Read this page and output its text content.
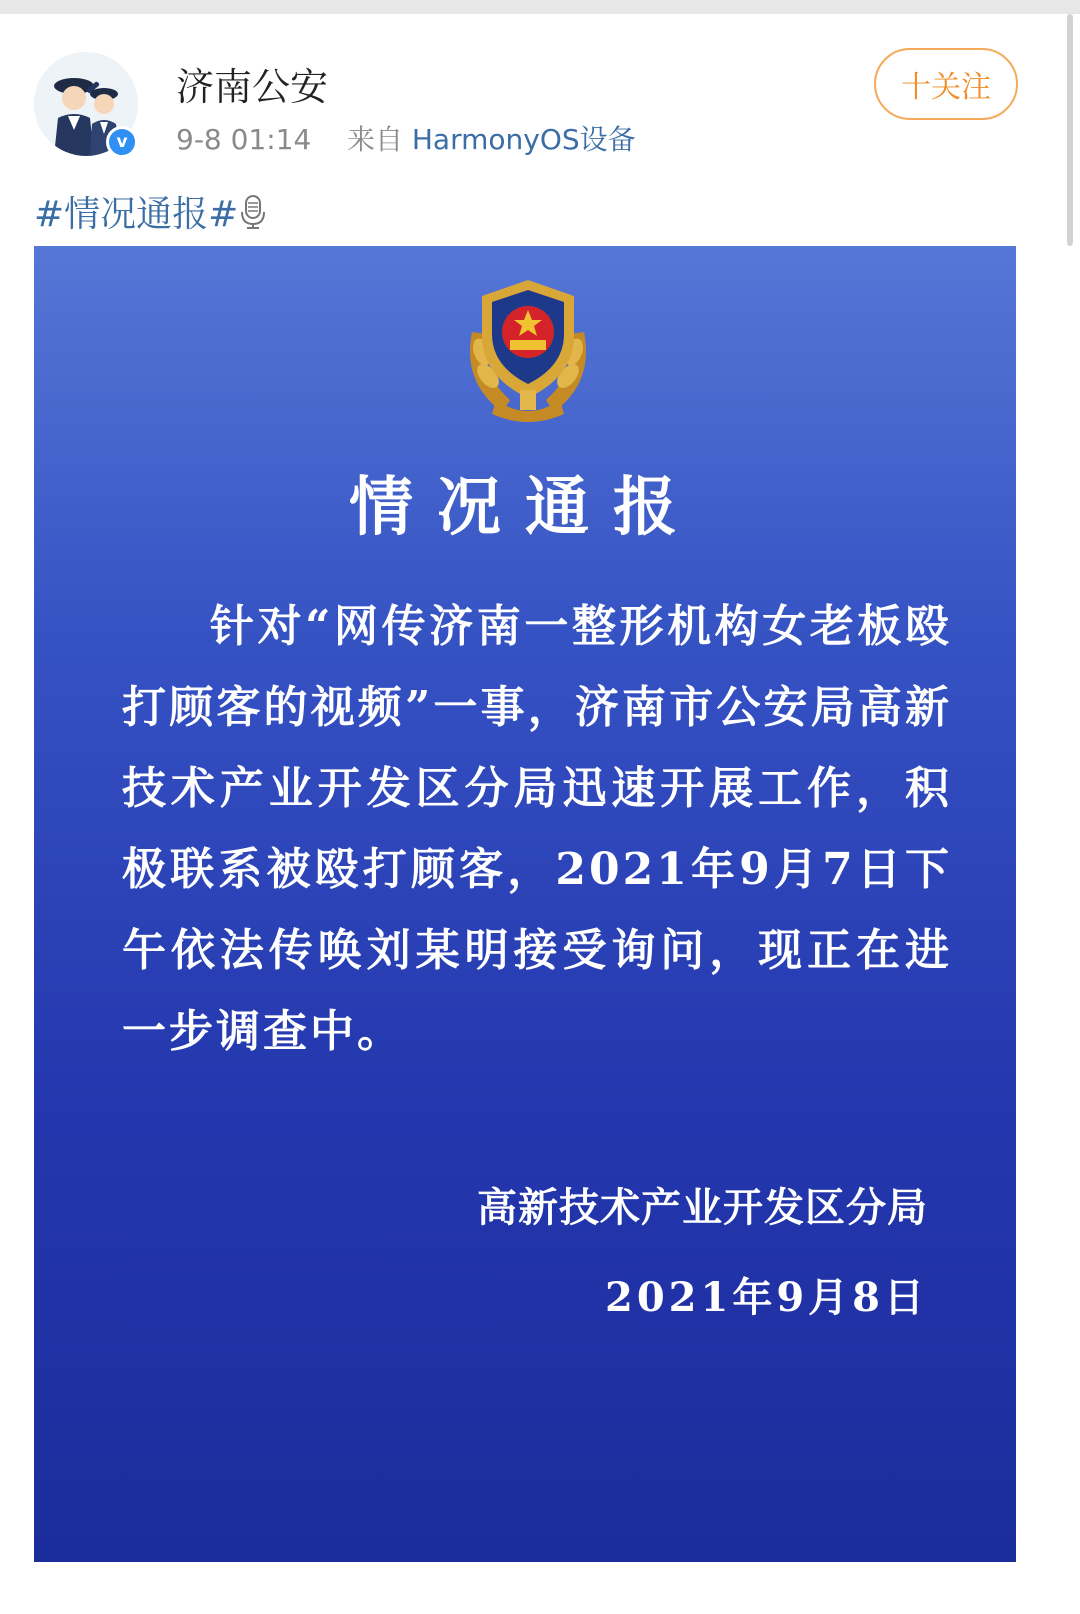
v
济南公安
9-8 01:14 来自 HarmonyOS设备
十关注
#情况通报#
情况通报
针对“网传济南一整形机构女老板殴打顾客的视频”一事，济南市公安局高新技术产业开发区分局迅速开展工作，积极联系被殴打顾客，2021年9月7日下午依法传唤刘某明接受询问，现正在进一步调查中。
高新技术产业开发区分局
2021年9月8日
